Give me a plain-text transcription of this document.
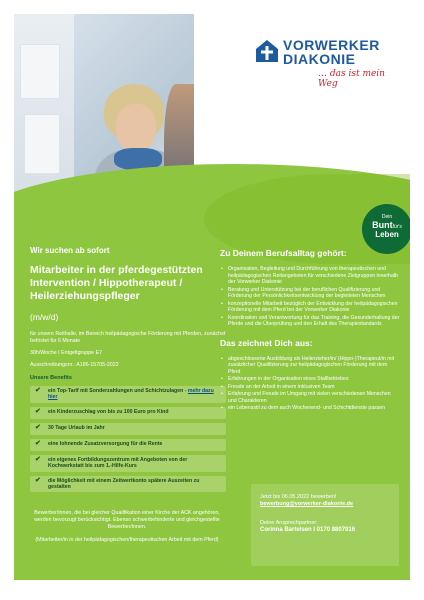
VORWERKER
DIAKONIE
… das ist mein Weg
Dein
Buntfür's
Leben
Wir suchen ab sofort
Mitarbeiter in der pferdegestützten Intervention / Hippotherapeut / Heilerziehungspfleger
(m/w/d)
für unsere Reithalle, im Bereich heilpädagogische Förderung mit Pferden, zunächst befristet für 6 Monate
30h/Woche I Entgeltgruppe E7
Ausschreibungsnr.: A186-15705-2022
Unsere Benefits
✔ ein Top-Tarif mit Sonderzahlungen und Schichtzulagen - mehr dazu hier
✔ ein Kinderzuschlag von bis zu 100 Euro pro Kind
✔ 30 Tage Urlaub im Jahr
✔ eine lohnende Zusatzversorgung für die Rente
✔ ein eigenes Fortbildungszentrum mit Angeboten von der Kochwerkstatt bis zum 1.-Hilfe-Kurs
✔ die Möglichkeit mit einem Zeitwertkonto spätere Auszeiten zu gestalten
Zu Deinem Berufsalltag gehört:
• Organisation, Begleitung und Durchführung von therapeutischen und heilpädagogischen Reitangeboten für verschiedene Zielgruppen innerhalb der Vorwerker Diakonie
• Beratung und Unterstützung bei der beruflichen Qualifizierung und Förderung der Persönlichkeitsentwicklung der begleiteten Menschen
• konzeptionelle Mitarbeit bezüglich der Entwicklung der heilpädagogischen Förderung mit dem Pferd bei der Vorwerker Diakonie
• Koordination und Verantwortung für das Training, die Gesunderhaltung der Pferde und die Überprüfung und den Erhalt des Therapiestandards
Das zeichnet Dich aus:
• abgeschlossene Ausbildung als Heilerzieher/in/ (Hippo-)Therapeut/in mit zusätzlicher Qualifizierung zur heilpädagogischen Förderung mit dem Pferd
• Erfahrungen in der Organisation eines Stallbetriebes
• Freude an der Arbeit in einem inklusiven Team
• Erfahrung und Freude im Umgang mit vielen verschiedenen Menschen und Charakteren
• ein Lebensstil zu dem auch Wochenend- und Schichtdienste passen
Bewerber/innen, die bei gleicher Qualifikation einer Kirche der ACK angehören, werden bevorzugt berücksichtigt. Ebenso schwerbehinderte und gleichgestellte Bewerber/innen.
(Mitarbeiter/in in der heilpädagogischen/therapeutischen Arbeit mit dem Pferd)
Jetzt bis 06.05.2022 bewerben!
bewerbung@vorwerker-diakonie.de
Deine Ansprechpartner:

Corinna Bartelsen I 0170 8807916
